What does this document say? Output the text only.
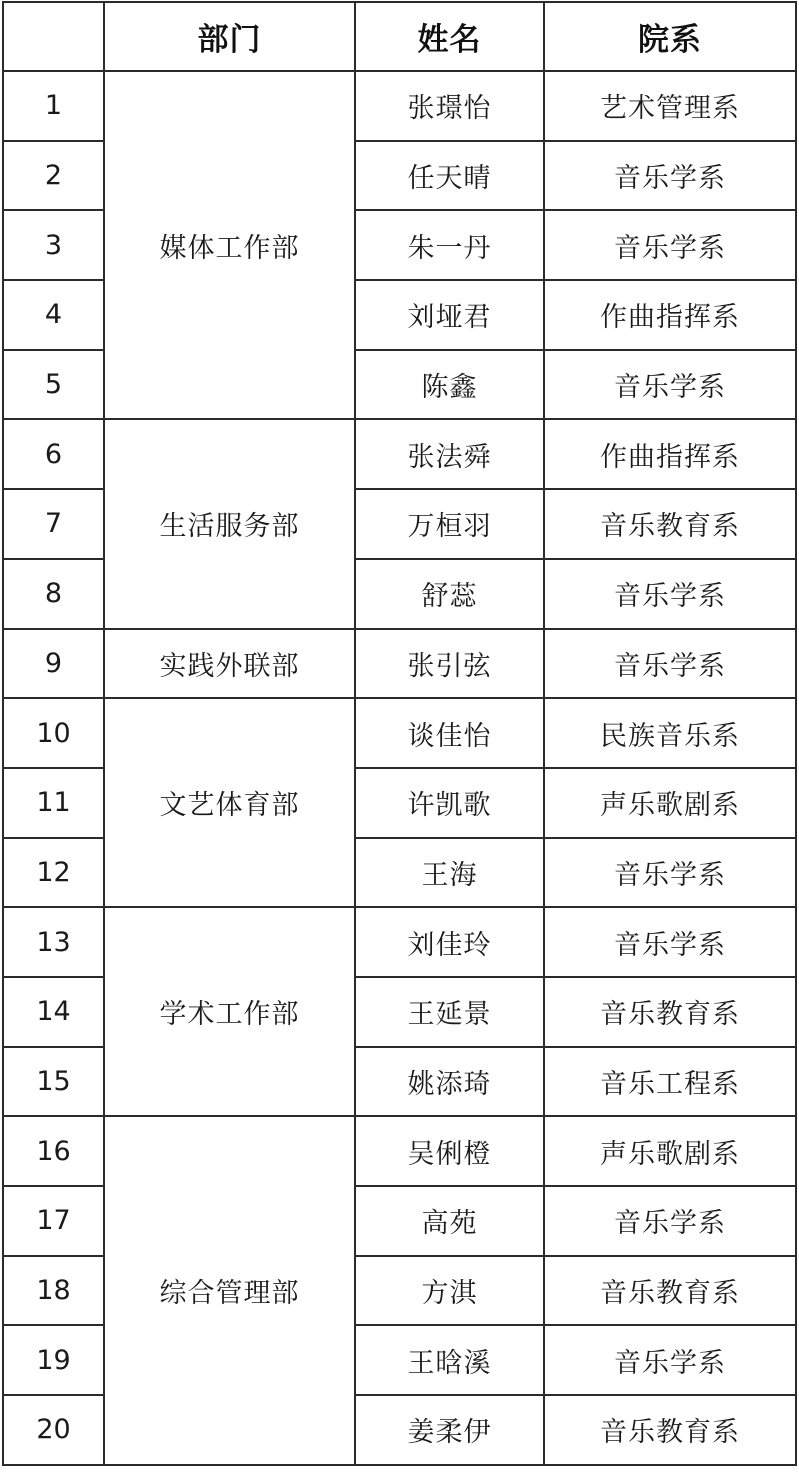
	部门	姓名	院系
1	媒体工作部	张璟怡	艺术管理系
2		任天晴	音乐学系
3		朱一丹	音乐学系
4		刘垭君	作曲指挥系
5		陈鑫	音乐学系
6	生活服务部	张法舜	作曲指挥系
7		万桓羽	音乐教育系
8		舒蕊	音乐学系
9	实践外联部	张引弦	音乐学系
10	文艺体育部	谈佳怡	民族音乐系
11		许凯歌	声乐歌剧系
12		王海	音乐学系
13	学术工作部	刘佳玲	音乐学系
14		王延景	音乐教育系
15		姚添琦	音乐工程系
16	综合管理部	吴俐橙	声乐歌剧系
17		高苑	音乐学系
18		方淇	音乐教育系
19		王晗溪	音乐学系
20		姜柔伊	音乐教育系
